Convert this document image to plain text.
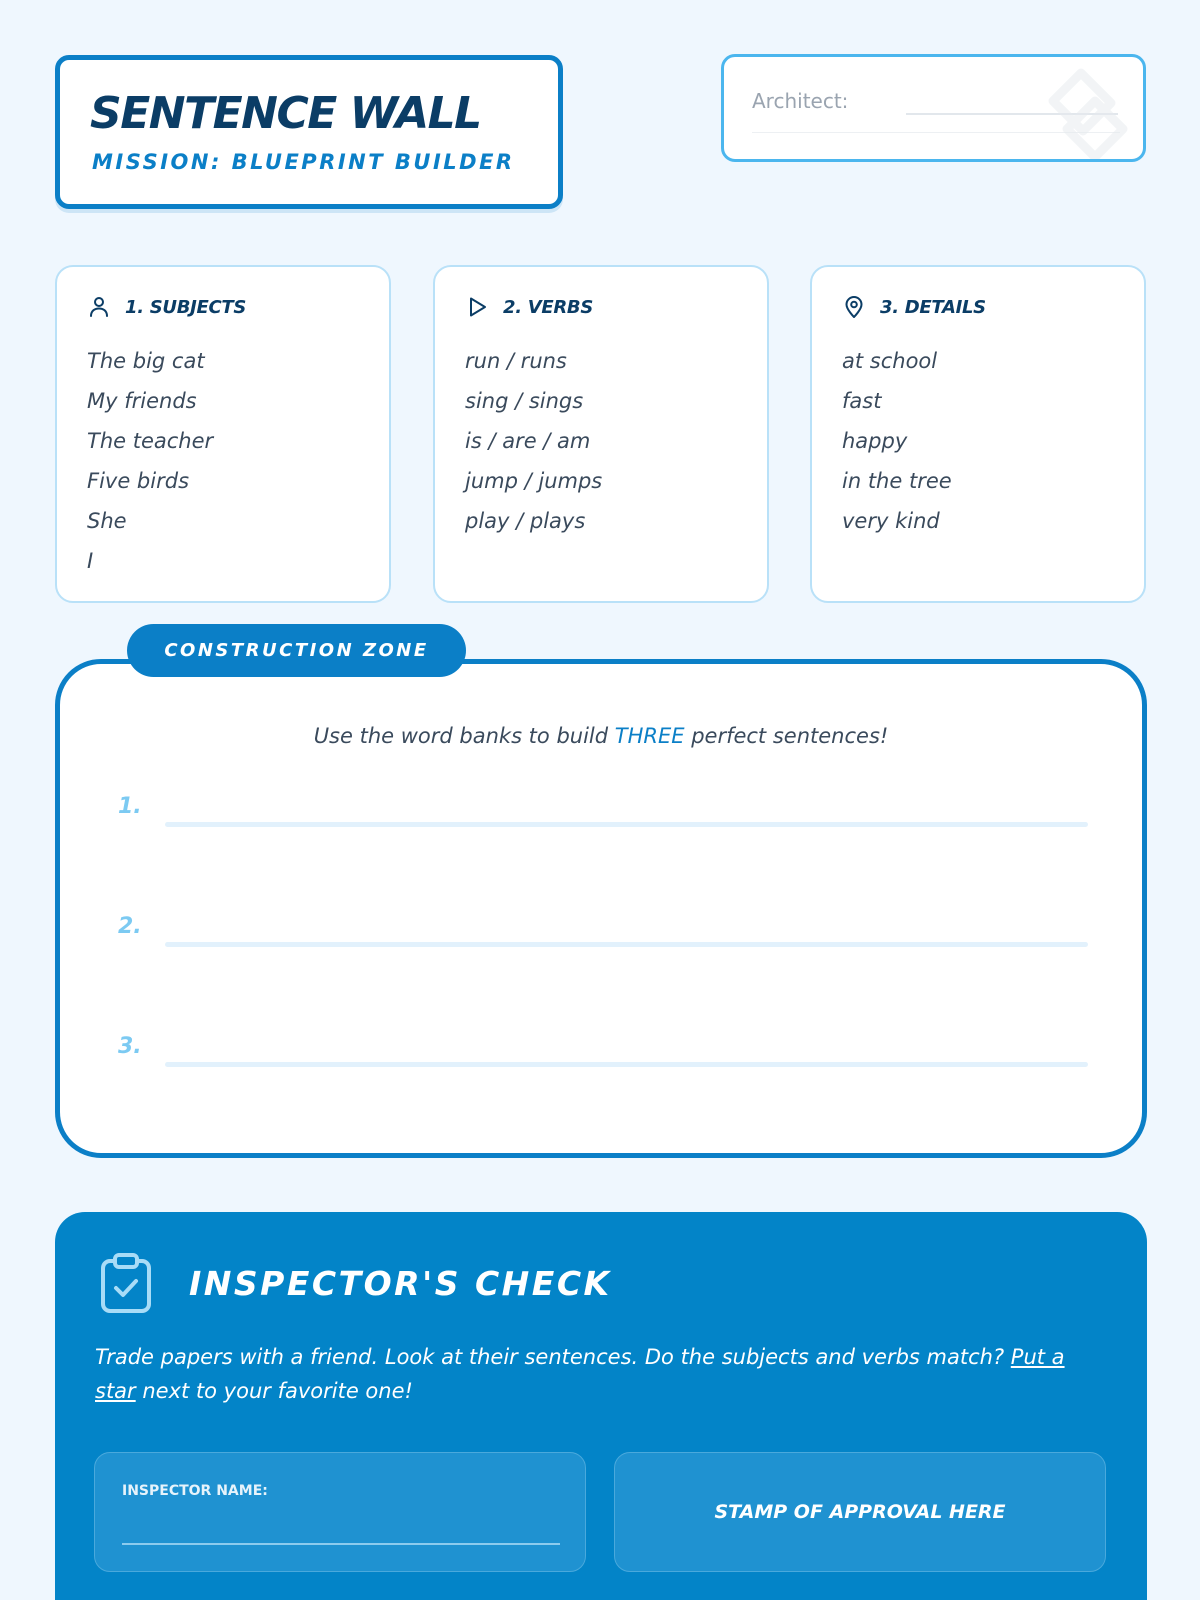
SENTENCE WALL
MISSION: BLUEPRINT BUILDER
Architect:
1. SUBJECTS
The big cat
My friends
The teacher
Five birds
She
I
2. VERBS
run / runs
sing / sings
is / are / am
jump / jumps
play / plays
3. DETAILS
at school
fast
happy
in the tree
very kind
Use the word banks to build THREE perfect sentences!
1.
2.
3.
CONSTRUCTION ZONE
INSPECTOR'S CHECK
Trade papers with a friend. Look at their sentences. Do the subjects and verbs match? Put a star next to your favorite one!
INSPECTOR NAME:
STAMP OF APPROVAL HERE
